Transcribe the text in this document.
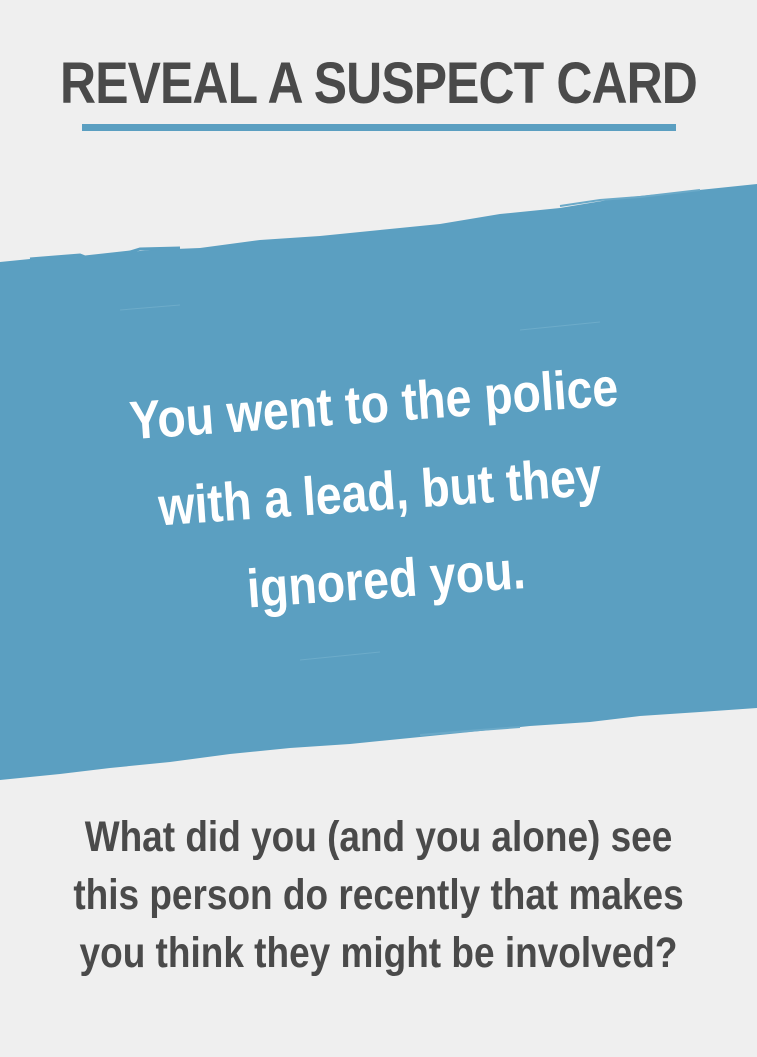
REVEAL A SUSPECT CARD
You went to the police with a lead, but they ignored you.
What did you (and you alone) see this person do recently that makes you think they might be involved?
